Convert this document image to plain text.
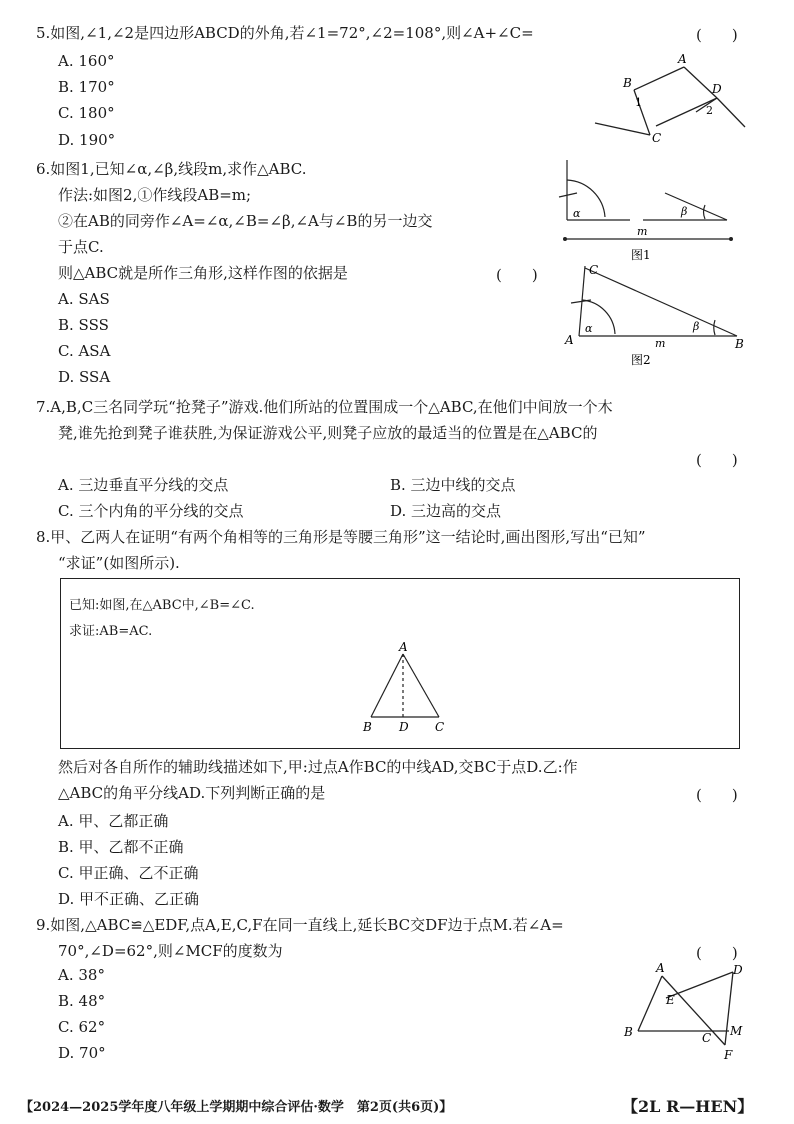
5.如图,∠1,∠2是四边形ABCD的外角,若∠1=72°,∠2=108°,则∠A+∠C=	(　　)
A. 160°
B. 170°
C. 180°
D. 190°
A
B
C
D
1
2
6.如图1,已知∠α,∠β,线段m,求作△ABC.
作法:如图2,①作线段AB=m;
②在AB的同旁作∠A=∠α,∠B=∠β,∠A与∠B的另一边交
于点C.
则△ABC就是所作三角形,这样作图的依据是	(　　)
A. SAS
B. SSS
C. ASA
D. SSA
α	β
m
图1
A	B
C
α	β
m
图2
7.A,B,C三名同学玩“抢凳子”游戏.他们所站的位置围成一个△ABC,在他们中间放一个木
凳,谁先抢到凳子谁获胜,为保证游戏公平,则凳子应放的最适当的位置是在△ABC的
(　　)
A. 三边垂直平分线的交点	B. 三边中线的交点
C. 三个内角的平分线的交点	D. 三边高的交点
8.甲、乙两人在证明“有两个角相等的三角形是等腰三角形”这一结论时,画出图形,写出“已知”
“求证”(如图所示).
已知:如图,在△ABC中,∠B=∠C.
求证:AB=AC.
A
B D C
然后对各自所作的辅助线描述如下,甲:过点A作BC的中线AD,交BC于点D.乙:作
△ABC的角平分线AD.下列判断正确的是	(　　)
A. 甲、乙都正确
B. 甲、乙都不正确
C. 甲正确、乙不正确
D. 甲不正确、乙正确
9.如图,△ABC≌△EDF,点A,E,C,F在同一直线上,延长BC交DF边于点M.若∠A=
70°,∠D=62°,则∠MCF的度数为	(　　)
A. 38°
B. 48°
C. 62°
D. 70°
A	D
E
B	M
C
F
【2024—2025学年度八年级上学期期中综合评估·数学　第2页(共6页)】	【2L R—HEN】
